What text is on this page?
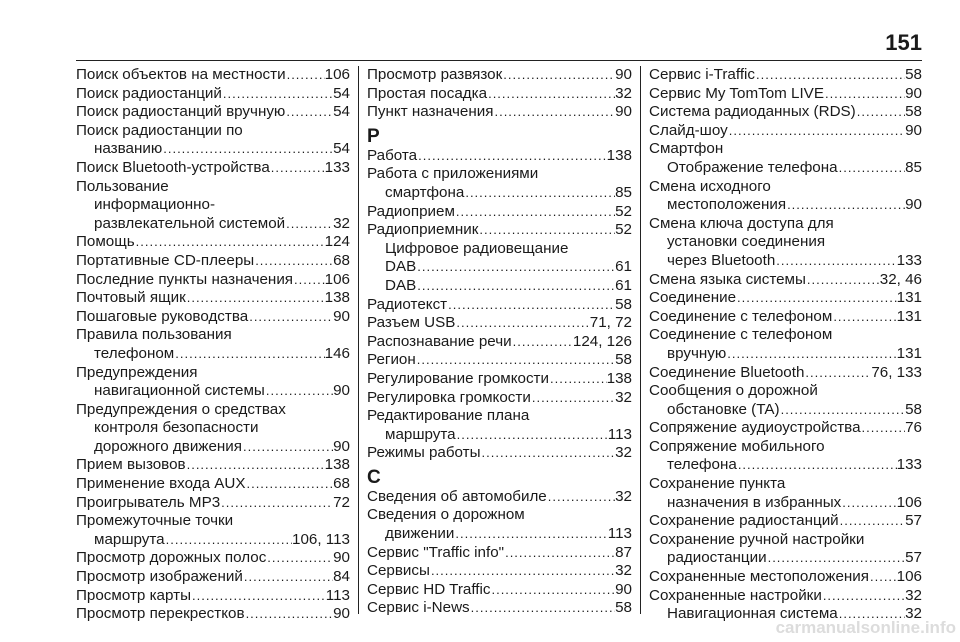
151
Поиск объектов на местности .....	106
Поиск радиостанций .....	54
Поиск радиостанций вручную .....	54
Поиск радиостанции по
названию .....	54
Поиск Bluetooth-устройства .....	133
Пользование
информационно-
развлекательной системой .....	32
Помощь .....	124
Портативные CD-плееры .....	68
Последние пункты назначения ..... 106
Почтовый ящик .....	138
Пошаговые руководства .....	90
Правила пользования
телефоном .....	146
Предупреждения
навигационной системы .....	90
Предупреждения о средствах
контроля безопасности
дорожного движения .....	90
Прием вызовов .....	138
Применение входа AUX .....	68
Проигрыватель MP3 .....	72
Промежуточные точки
маршрута .....	106, 113
Просмотр дорожных полос .....	90
Просмотр изображений .....	84
Просмотр карты .....	113
Просмотр перекрестков .....	90
Просмотр развязок .....	90
Простая посадка .....	32
Пункт назначения .....	90
Р
Работа .....	138
Работа с приложениями
смартфона .....	85
Радиоприем .....	52
Радиоприемник .....	52
Цифровое радиовещание
DAB .....	61
DAB .....	61
Радиотекст .....	58
Разъем USB .....	71, 72
Распознавание речи .....	124, 126
Регион .....	58
Регулирование громкости .....	138
Регулировка громкости .....	32
Редактирование плана
маршрута .....	113
Режимы работы .....	32
С
Сведения об автомобиле .....	32
Сведения о дорожном
движении .....	113
Сервис "Traffic info" .....	87
Сервисы .....	32
Сервис HD Traffic .....	90
Сервис i-News .....	58
Сервис i-Traffic .....	58
Сервис My TomTom LIVE .....	90
Система радиоданных (RDS) .....	58
Слайд-шоу .....	90
Смартфон
Отображение телефона .....	85
Смена исходного
местоположения .....	90
Смена ключа доступа для
установки соединения
через Bluetooth .....	133
Смена языка системы .....	32, 46
Соединение .....	131
Соединение с телефоном .....	131
Соединение с телефоном
вручную .....	131
Соединение Bluetooth .....	76, 133
Сообщения о дорожной
обстановке (TA) .....	58
Сопряжение аудиоустройства .....	76
Сопряжение мобильного
телефона .....	133
Сохранение пункта
назначения в избранных .....	106
Сохранение радиостанций .....	57
Сохранение ручной настройки
радиостанции .....	57
Сохраненные местоположения ..... 106
Сохраненные настройки .....	32
Навигационная система .....	32
carmanualsonline.info
